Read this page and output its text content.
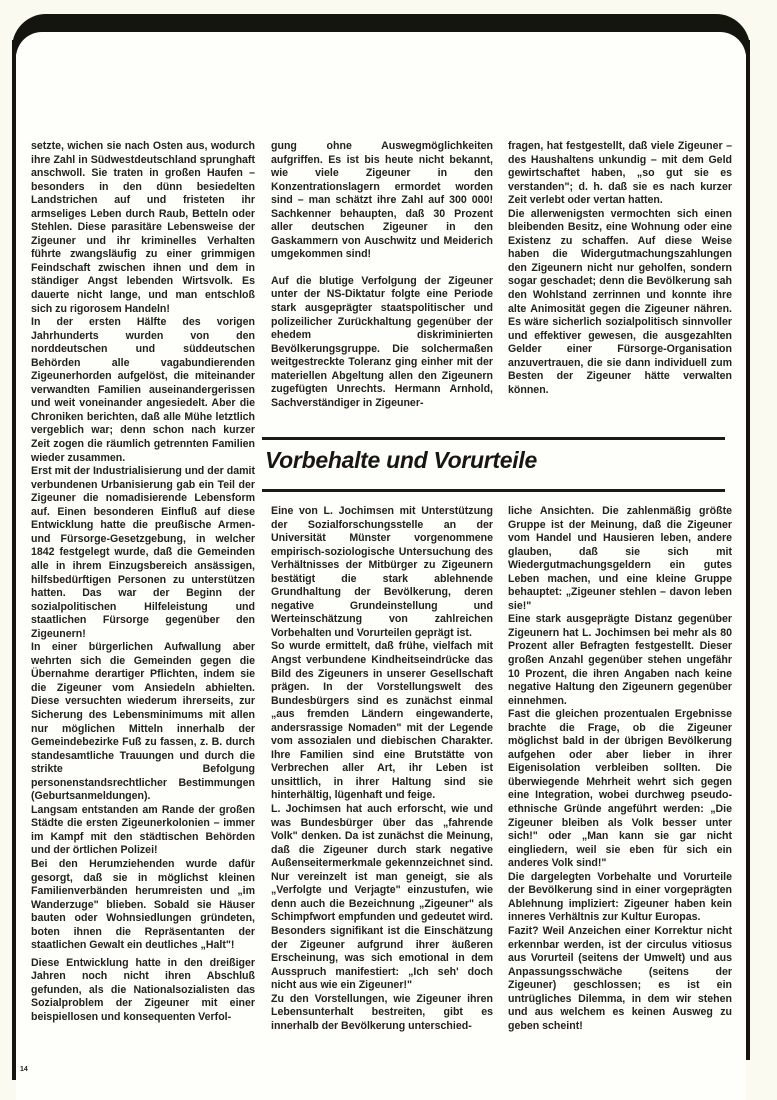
setzte, wichen sie nach Osten aus, wodurch ihre Zahl in Südwestdeutschland sprunghaft anschwoll. Sie traten in großen Haufen – besonders in den dünn besiedelten Landstrichen auf und fristeten ihr armseliges Leben durch Raub, Betteln oder Stehlen. Diese parasitäre Lebensweise der Zigeuner und ihr kriminelles Verhalten führte zwangsläufig zu einer grimmigen Feindschaft zwischen ihnen und dem in ständiger Angst lebenden Wirtsvolk. Es dauerte nicht lange, und man entschloß sich zu rigorosem Handeln!

In der ersten Hälfte des vorigen Jahrhunderts wurden von den norddeutschen und süddeutschen Behörden alle vagabundierenden Zigeunerhorden aufgelöst, die miteinander verwandten Familien auseinandergerissen und weit voneinander angesiedelt. Aber die Chroniken berichten, daß alle Mühe letztlich vergeblich war; denn schon nach kurzer Zeit zogen die räumlich getrennten Familien wieder zusammen.

Erst mit der Industrialisierung und der damit verbundenen Urbanisierung gab ein Teil der Zigeuner die nomadisierende Lebensform auf. Einen besonderen Einfluß auf diese Entwicklung hatte die preußische Armen- und Fürsorge-Gesetzgebung, in welcher 1842 festgelegt wurde, daß die Gemeinden alle in ihrem Einzugsbereich ansässigen, hilfsbedürftigen Personen zu unterstützen hatten. Das war der Beginn der sozialpolitischen Hilfeleistung und staatlichen Fürsorge gegenüber den Zigeunern!

In einer bürgerlichen Aufwallung aber wehrten sich die Gemeinden gegen die Übernahme derartiger Pflichten, indem sie die Zigeuner vom Ansiedeln abhielten. Diese versuchten wiederum ihrerseits, zur Sicherung des Lebensminimums mit allen nur möglichen Mitteln innerhalb der Gemeindebezirke Fuß zu fassen, z. B. durch standesamtliche Trauungen und durch die strikte Befolgung personenstandsrechtlicher Bestimmungen (Geburtsanmeldungen).

Langsam entstanden am Rande der großen Städte die ersten Zigeunerkolonien – immer im Kampf mit den städtischen Behörden und der örtlichen Polizei!

Bei den Herumziehenden wurde dafür gesorgt, daß sie in möglichst kleinen Familienverbänden herumreisten und „im Wanderzuge" blieben. Sobald sie Häuser bauten oder Wohnsiedlungen gründeten, boten ihnen die Repräsentanten der staatlichen Gewalt ein deutliches „Halt"!

Diese Entwicklung hatte in den dreißiger Jahren noch nicht ihren Abschluß gefunden, als die Nationalsozialisten das Sozialproblem der Zigeuner mit einer beispiellosen und konsequenten Verfol-

gung ohne Auswegmöglichkeiten aufgriffen. Es ist bis heute nicht bekannt, wie viele Zigeuner in den Konzentrationslagern ermordet worden sind – man schätzt ihre Zahl auf 300 000! Sachkenner behaupten, daß 30 Prozent aller deutschen Zigeuner in den Gaskammern von Auschwitz und Meiderich umgekommen sind!

Auf die blutige Verfolgung der Zigeuner unter der NS-Diktatur folgte eine Periode stark ausgeprägter staatspolitischer und polizeilicher Zurückhaltung gegenüber der ehedem diskriminierten Bevölkerungsgruppe. Die solchermaßen weitgestreckte Toleranz ging einher mit der materiellen Abgeltung allen den Zigeunern zugefügten Unrechts. Hermann Arnhold, Sachverständiger in Zigeuner-

fragen, hat festgestellt, daß viele Zigeuner – des Haushaltens unkundig – mit dem Geld gewirtschaftet haben, „so gut sie es verstanden"; d. h. daß sie es nach kurzer Zeit verlebt oder vertan hatten.

Die allerwenigsten vermochten sich einen bleibenden Besitz, eine Wohnung oder eine Existenz zu schaffen. Auf diese Weise haben die Widergutmachungszahlungen den Zigeunern nicht nur geholfen, sondern sogar geschadet; denn die Bevölkerung sah den Wohlstand zerrinnen und konnte ihre alte Animosität gegen die Zigeuner nähren. Es wäre sicherlich sozialpolitisch sinnvoller und effektiver gewesen, die ausgezahlten Gelder einer Fürsorge-Organisation anzuvertrauen, die sie dann individuell zum Besten der Zigeuner hätte verwalten können.

Vorbehalte und Vorurteile

Eine von L. Jochimsen mit Unterstützung der Sozialforschungsstelle an der Universität Münster vorgenommene empirisch-soziologische Untersuchung des Verhältnisses der Mitbürger zu Zigeunern bestätigt die stark ablehnende Grundhaltung der Bevölkerung, deren negative Grundeinstellung und Werteinschätzung von zahlreichen Vorbehalten und Vorurteilen geprägt ist.

So wurde ermittelt, daß frühe, vielfach mit Angst verbundene Kindheitseindrücke das Bild des Zigeuners in unserer Gesellschaft prägen. In der Vorstellungswelt des Bundesbürgers sind es zunächst einmal „aus fremden Ländern eingewanderte, andersrassige Nomaden" mit der Legende vom assozialen und diebischen Charakter. Ihre Familien sind eine Brutstätte von Verbrechen aller Art, ihr Leben ist unsittlich, in ihrer Haltung sind sie hinterhältig, lügenhaft und feige.

L. Jochimsen hat auch erforscht, wie und was Bundesbürger über das „fahrende Volk" denken. Da ist zunächst die Meinung, daß die Zigeuner durch stark negative Außenseitermerkmale gekennzeichnet sind. Nur vereinzelt ist man geneigt, sie als „Verfolgte und Verjagte" einzustufen, wie denn auch die Bezeichnung „Zigeuner" als Schimpfwort empfunden und gedeutet wird. Besonders signifikant ist die Einschätzung der Zigeuner aufgrund ihrer äußeren Erscheinung, was sich emotional in dem Ausspruch manifestiert: „Ich seh' doch nicht aus wie ein Zigeuner!"

Zu den Vorstellungen, wie Zigeuner ihren Lebensunterhalt bestreiten, gibt es innerhalb der Bevölkerung unterschied-

liche Ansichten. Die zahlenmäßig größte Gruppe ist der Meinung, daß die Zigeuner vom Handel und Hausieren leben, andere glauben, daß sie sich mit Wiedergutmachungsgeldern ein gutes Leben machen, und eine kleine Gruppe behauptet: „Zigeuner stehlen – davon leben sie!"

Eine stark ausgeprägte Distanz gegenüber Zigeunern hat L. Jochimsen bei mehr als 80 Prozent aller Befragten festgestellt. Dieser großen Anzahl gegenüber stehen ungefähr 10 Prozent, die ihren Angaben nach keine negative Haltung den Zigeunern gegenüber einnehmen.

Fast die gleichen prozentualen Ergebnisse brachte die Frage, ob die Zigeuner möglichst bald in der übrigen Bevölkerung aufgehen oder aber lieber in ihrer Eigenisolation verbleiben sollten. Die überwiegende Mehrheit wehrt sich gegen eine Integration, wobei durchweg pseudo-ethnische Gründe angeführt werden: „Die Zigeuner bleiben als Volk besser unter sich!" oder „Man kann sie gar nicht eingliedern, weil sie eben für sich ein anderes Volk sind!"

Die dargelegten Vorbehalte und Vorurteile der Bevölkerung sind in einer vorgeprägten Ablehnung impliziert: Zigeuner haben kein inneres Verhältnis zur Kultur Europas.

Fazit? Weil Anzeichen einer Korrektur nicht erkennbar werden, ist der circulus vitiosus aus Vorurteil (seitens der Umwelt) und aus Anpassungsschwäche (seitens der Zigeuner) geschlossen; es ist ein untrügliches Dilemma, in dem wir stehen und aus welchem es keinen Ausweg zu geben scheint!

14
